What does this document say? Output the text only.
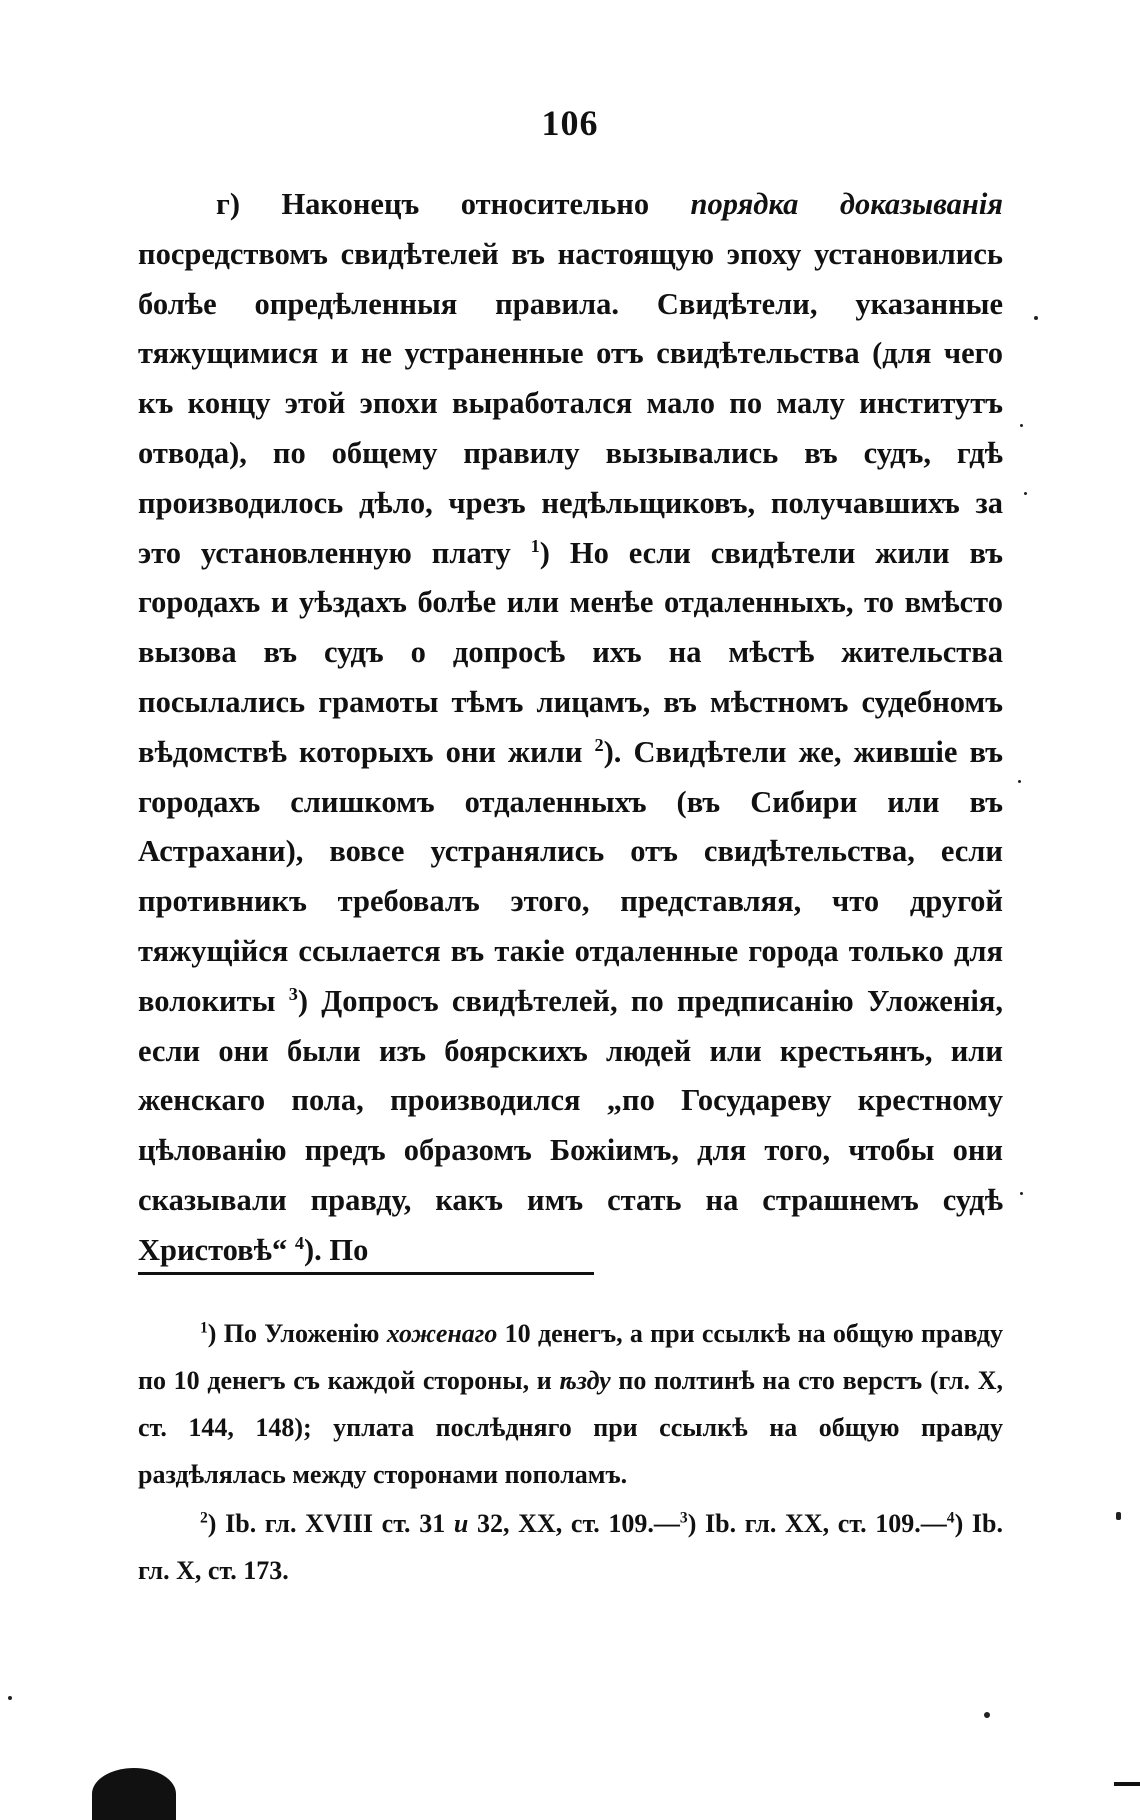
106

г) Наконецъ относительно порядка доказыванія посредствомъ свидѣтелей въ настоящую эпоху установились болѣе опредѣленныя правила. Свидѣтели, указанные тяжущимися и не устраненные отъ свидѣтельства (для чего къ концу этой эпохи выработался мало по малу институтъ отвода), по общему правилу вызывались въ судъ, гдѣ производилось дѣло, чрезъ недѣльщиковъ, получавшихъ за это установленную плату $^1$) Но если свидѣтели жили въ городахъ и уѣздахъ болѣе или менѣе отдаленныхъ, то вмѣсто вызова въ судъ о допросѣ ихъ на мѣстѣ жительства посылались грамоты тѣмъ лицамъ, въ мѣстномъ судебномъ вѣдомствѣ которыхъ они жили $^2$). Свидѣтели же, жившіе въ городахъ слишкомъ отдаленныхъ (въ Сибири или въ Астрахани), вовсе устранялись отъ свидѣтельства, если противникъ требовалъ этого, представляя, что другой тяжущійся ссылается въ такіе отдаленные города только для волокиты $^3$) Допросъ свидѣтелей, по предписанію Уложенія, если они были изъ боярскихъ людей или крестьянъ, или женскаго пола, производился „по Государеву крестному цѣлованію предъ образомъ Божіимъ, для того, чтобы они сказывали правду, какъ имъ стать на страшнемъ судѣ Христовѣ“ $^4$). По

$^1$) По Уложенію хоженаго 10 денегъ, а при ссылкѣ на общую правду по 10 денегъ съ каждой стороны, и ѣзду по полтинѣ на сто верстъ (гл. X, ст. 144, 148); уплата послѣдняго при ссылкѣ на общую правду раздѣлялась между сторонами пополамъ.

$^2$) Ib. гл. XVIII ст. 31 и 32, XX, ст. 109.—$^3$) Ib. гл. XX, ст. 109.—$^4$) Ib. гл. X, ст. 173.
